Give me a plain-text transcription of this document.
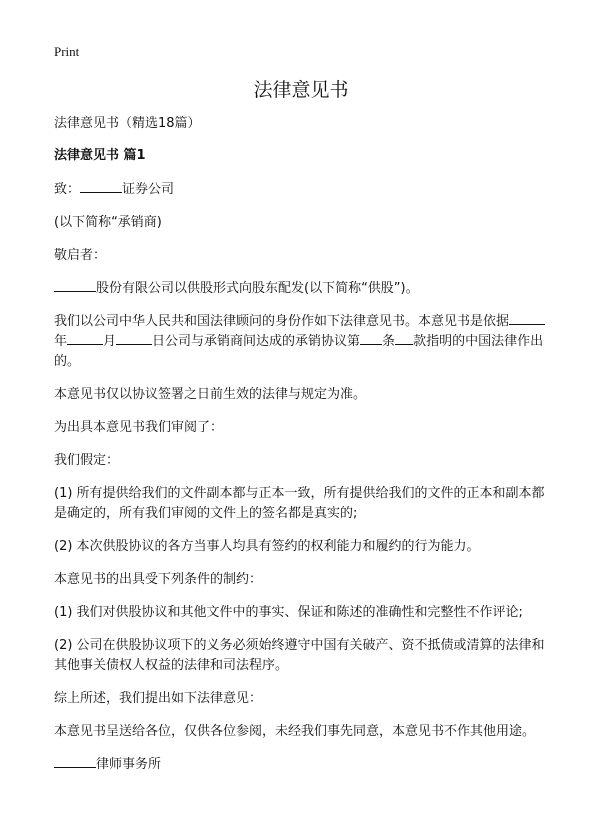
Print
法律意见书

法律意见书（精选18篇）

法律意见书 篇1

致：	证券公司

(以下简称“承销商)

敬启者：

股份有限公司以供股形式向股东配发(以下简称“供股”)。

我们以公司中华人民共和国法律顾问的身份作如下法律意见书。本意见书是依据年	月	日公司与承销商间达成的承销协议第 条 款指明的中国法律作出的。

本意见书仅以协议签署之日前生效的法律与规定为准。

为出具本意见书我们审阅了：

我们假定：

(1) 所有提供给我们的文件副本都与正本一致，所有提供给我们的文件的正本和副本都是确定的，所有我们审阅的文件上的签名都是真实的;

(2) 本次供股协议的各方当事人均具有签约的权利能力和履约的行为能力。

本意见书的出具受下列条件的制约：

(1) 我们对供股协议和其他文件中的事实、保证和陈述的准确性和完整性不作评论;

(2) 公司在供股协议项下的义务必须始终遵守中国有关破产、资不抵债或清算的法律和其他事关债权人权益的法律和司法程序。

综上所述，我们提出如下法律意见：

本意见书呈送给各位，仅供各位参阅，未经我们事先同意，本意见书不作其他用途。

律师事务所
